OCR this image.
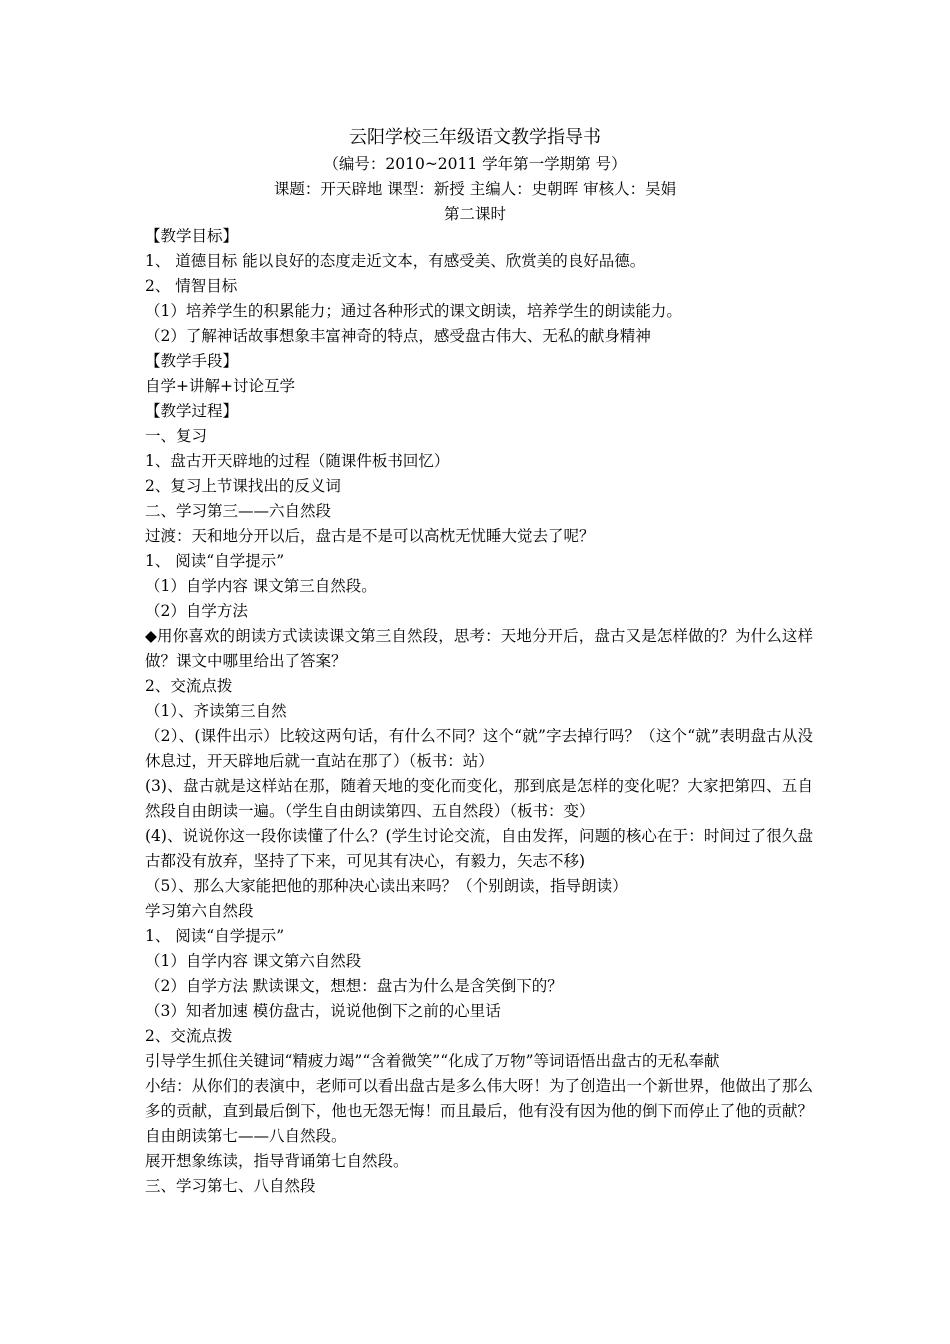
云阳学校三年级语文教学指导书
（编号：2010~2011 学年第一学期第 号）
课题：开天辟地 课型：新授 主编人：史朝晖 审核人：吴娟
第二课时
【教学目标】
1、 道德目标 能以良好的态度走近文本，有感受美、欣赏美的良好品德。
2、 情智目标
（1）培养学生的积累能力；通过各种形式的课文朗读，培养学生的朗读能力。
（2）了解神话故事想象丰富神奇的特点，感受盘古伟大、无私的献身精神
【教学手段】
自学+讲解+讨论互学
【教学过程】
一、复习
1、盘古开天辟地的过程（随课件板书回忆）
2、复习上节课找出的反义词
二、学习第三——六自然段
过渡：天和地分开以后，盘古是不是可以高枕无忧睡大觉去了呢？
1、 阅读“自学提示”
（1）自学内容 课文第三自然段。
（2）自学方法
◆用你喜欢的朗读方式读读课文第三自然段，思考：天地分开后，盘古又是怎样做的？为什么这样做？课文中哪里给出了答案？
2、交流点拨
（1）、齐读第三自然
（2）、(课件出示）比较这两句话，有什么不同？这个“就”字去掉行吗？（这个“就”表明盘古从没休息过，开天辟地后就一直站在那了）（板书：站）
(3)、盘古就是这样站在那，随着天地的变化而变化，那到底是怎样的变化呢？大家把第四、五自然段自由朗读一遍。（学生自由朗读第四、五自然段）（板书：变）
(4)、说说你这一段你读懂了什么？(学生讨论交流，自由发挥，问题的核心在于：时间过了很久盘古都没有放弃，坚持了下来，可见其有决心，有毅力，矢志不移)
（5）、那么大家能把他的那种决心读出来吗？（个别朗读，指导朗读）
学习第六自然段
1、 阅读“自学提示”
（1）自学内容 课文第六自然段
（2）自学方法 默读课文，想想：盘古为什么是含笑倒下的？
（3）知者加速 模仿盘古，说说他倒下之前的心里话
2、交流点拨
引导学生抓住关键词“精疲力竭”“含着微笑”“化成了万物”等词语悟出盘古的无私奉献
小结：从你们的表演中，老师可以看出盘古是多么伟大呀！为了创造出一个新世界，他做出了那么多的贡献，直到最后倒下，他也无怨无悔！而且最后，他有没有因为他的倒下而停止了他的贡献？自由朗读第七——八自然段。
展开想象练读，指导背诵第七自然段。
三、学习第七、八自然段
